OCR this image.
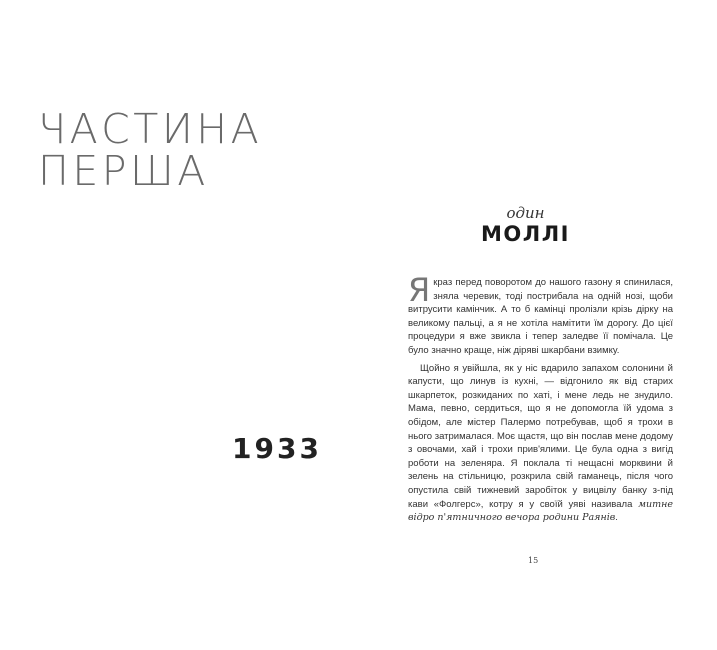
ЧАСТИНА
ПЕРША
1933
один
МОЛЛІ

Якраз перед поворотом до нашого газону я спинилася, зняла черевик, тоді пострибала на одній нозі, щоби витрусити камінчик. А то б камінці пролізли крізь дірку на великому пальці, а я не хотіла намітити їм дорогу. До цієї процедури я вже звикла і тепер заледве її помічала. Це було значно краще, ніж діряві шкарбани взимку.

Щойно я увійшла, як у ніс вдарило запахом солонини й капусти, що линув із кухні, — відгонило як від старих шкарпеток, розкиданих по хаті, і мене ледь не знудило. Мама, певно, сердиться, що я не допомогла їй удома з обідом, але містер Палермо потребував, щоб я трохи в нього затрималася. Моє щастя, що він послав мене додому з овочами, хай і трохи прив'ялими. Це була одна з вигід роботи на зеленяра. Я поклала ті нещасні морквини й зелень на стільницю, розкрила свій гаманець, після чого опустила свій тижневий заробіток у вицвілу банку з-під кави «Фолгерс», котру я у своїй уяві називала митне відро п'ятничного вечора родини Раянів.

15
